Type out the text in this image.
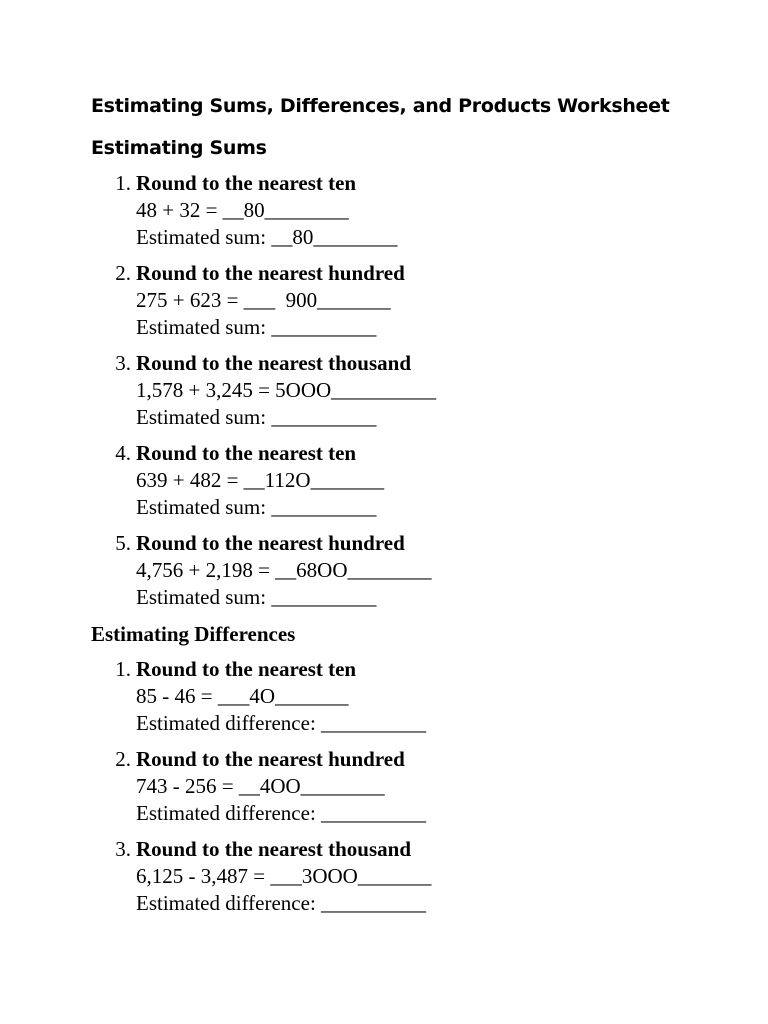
Estimating Sums, Differences, and Products Worksheet
Estimating Sums
1. Round to the nearest ten
48 + 32 = __80________
Estimated sum: __80________
2. Round to the nearest hundred
275 + 623 = ___  900_______
Estimated sum: __________
3. Round to the nearest thousand
1,578 + 3,245 = 5OOO__________
Estimated sum: __________
4. Round to the nearest ten
639 + 482 = __112O_______
Estimated sum: __________
5. Round to the nearest hundred
4,756 + 2,198 = __68OO________
Estimated sum: __________
Estimating Differences
1. Round to the nearest ten
85 - 46 = ___4O_______
Estimated difference: __________
2. Round to the nearest hundred
743 - 256 = __4OO________
Estimated difference: __________
3. Round to the nearest thousand
6,125 - 3,487 = ___3OOO_______
Estimated difference: __________
